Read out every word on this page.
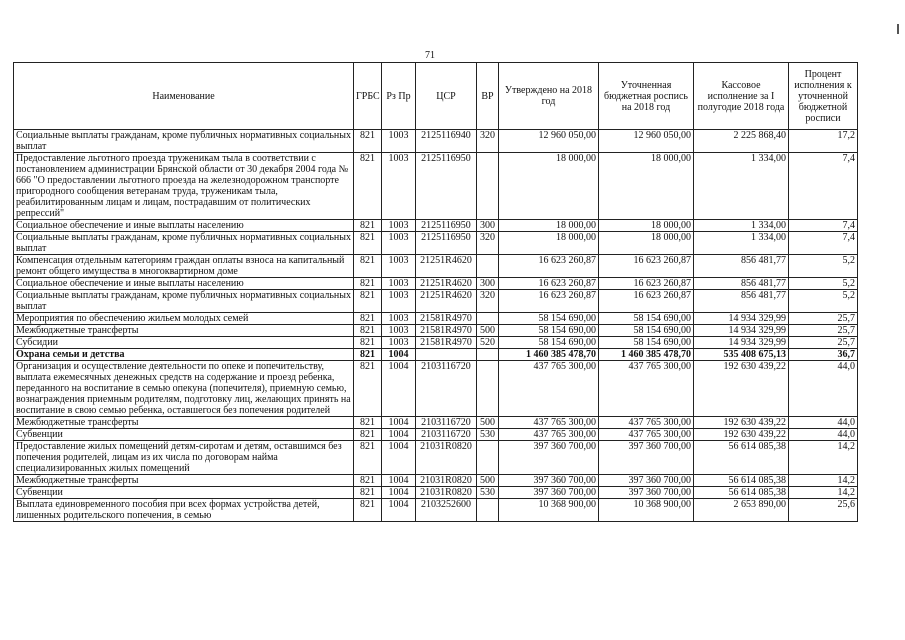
71
Наименование	ГРБС	Рз Пр	ЦСР	ВР	Утверждено на 2018 год	Уточненная бюджетная роспись на 2018 год	Кассовое исполнение за I полугодие 2018 года	Процент исполнения к уточненной бюджетной росписи
Социальные выплаты гражданам, кроме публичных нормативных социальных выплат	821	1003	2125116940	320	12 960 050,00	12 960 050,00	2 225 868,40	17,2
Предоставление льготного проезда труженикам тыла в соответствии с постановлением администрации Брянской области от 30 декабря 2004 года № 666 "О предоставлении льготного проезда на железнодорожном транспорте пригородного сообщения ветеранам труда, труженикам тыла, реабилитированным лицам и лицам, пострадавшим от политических репрессий"	821	1003	2125116950		18 000,00	18 000,00	1 334,00	7,4
Социальное обеспечение и иные выплаты населению	821	1003	2125116950	300	18 000,00	18 000,00	1 334,00	7,4
Социальные выплаты гражданам, кроме публичных нормативных социальных выплат	821	1003	2125116950	320	18 000,00	18 000,00	1 334,00	7,4
Компенсация отдельным категориям граждан оплаты взноса на капитальный ремонт общего имущества в многоквартирном доме	821	1003	21251R4620		16 623 260,87	16 623 260,87	856 481,77	5,2
Социальное обеспечение и иные выплаты населению	821	1003	21251R4620	300	16 623 260,87	16 623 260,87	856 481,77	5,2
Социальные выплаты гражданам, кроме публичных нормативных социальных выплат	821	1003	21251R4620	320	16 623 260,87	16 623 260,87	856 481,77	5,2
Мероприятия по обеспечению жильем молодых семей	821	1003	21581R4970		58 154 690,00	58 154 690,00	14 934 329,99	25,7
Межбюджетные трансферты	821	1003	21581R4970	500	58 154 690,00	58 154 690,00	14 934 329,99	25,7
Субсидии	821	1003	21581R4970	520	58 154 690,00	58 154 690,00	14 934 329,99	25,7
Охрана семьи и детства	821	1004			1 460 385 478,70	1 460 385 478,70	535 408 675,13	36,7
Организация и осуществление деятельности по опеке и попечительству, выплата ежемесячных денежных средств на содержание и проезд ребенка, переданного на воспитание в семью опекуна (попечителя), приемную семью, вознаграждения приемным родителям, подготовку лиц, желающих принять на воспитание в свою семью ребенка, оставшегося без попечения родителей	821	1004	2103116720		437 765 300,00	437 765 300,00	192 630 439,22	44,0
Межбюджетные трансферты	821	1004	2103116720	500	437 765 300,00	437 765 300,00	192 630 439,22	44,0
Субвенции	821	1004	2103116720	530	437 765 300,00	437 765 300,00	192 630 439,22	44,0
Предоставление жилых помещений детям-сиротам и детям, оставшимся без попечения родителей, лицам из их числа по договорам найма специализированных жилых помещений	821	1004	21031R0820		397 360 700,00	397 360 700,00	56 614 085,38	14,2
Межбюджетные трансферты	821	1004	21031R0820	500	397 360 700,00	397 360 700,00	56 614 085,38	14,2
Субвенции	821	1004	21031R0820	530	397 360 700,00	397 360 700,00	56 614 085,38	14,2
Выплата единовременного пособия при всех формах устройства детей, лишенных родительского попечения, в семью	821	1004	2103252600		10 368 900,00	10 368 900,00	2 653 890,00	25,6
